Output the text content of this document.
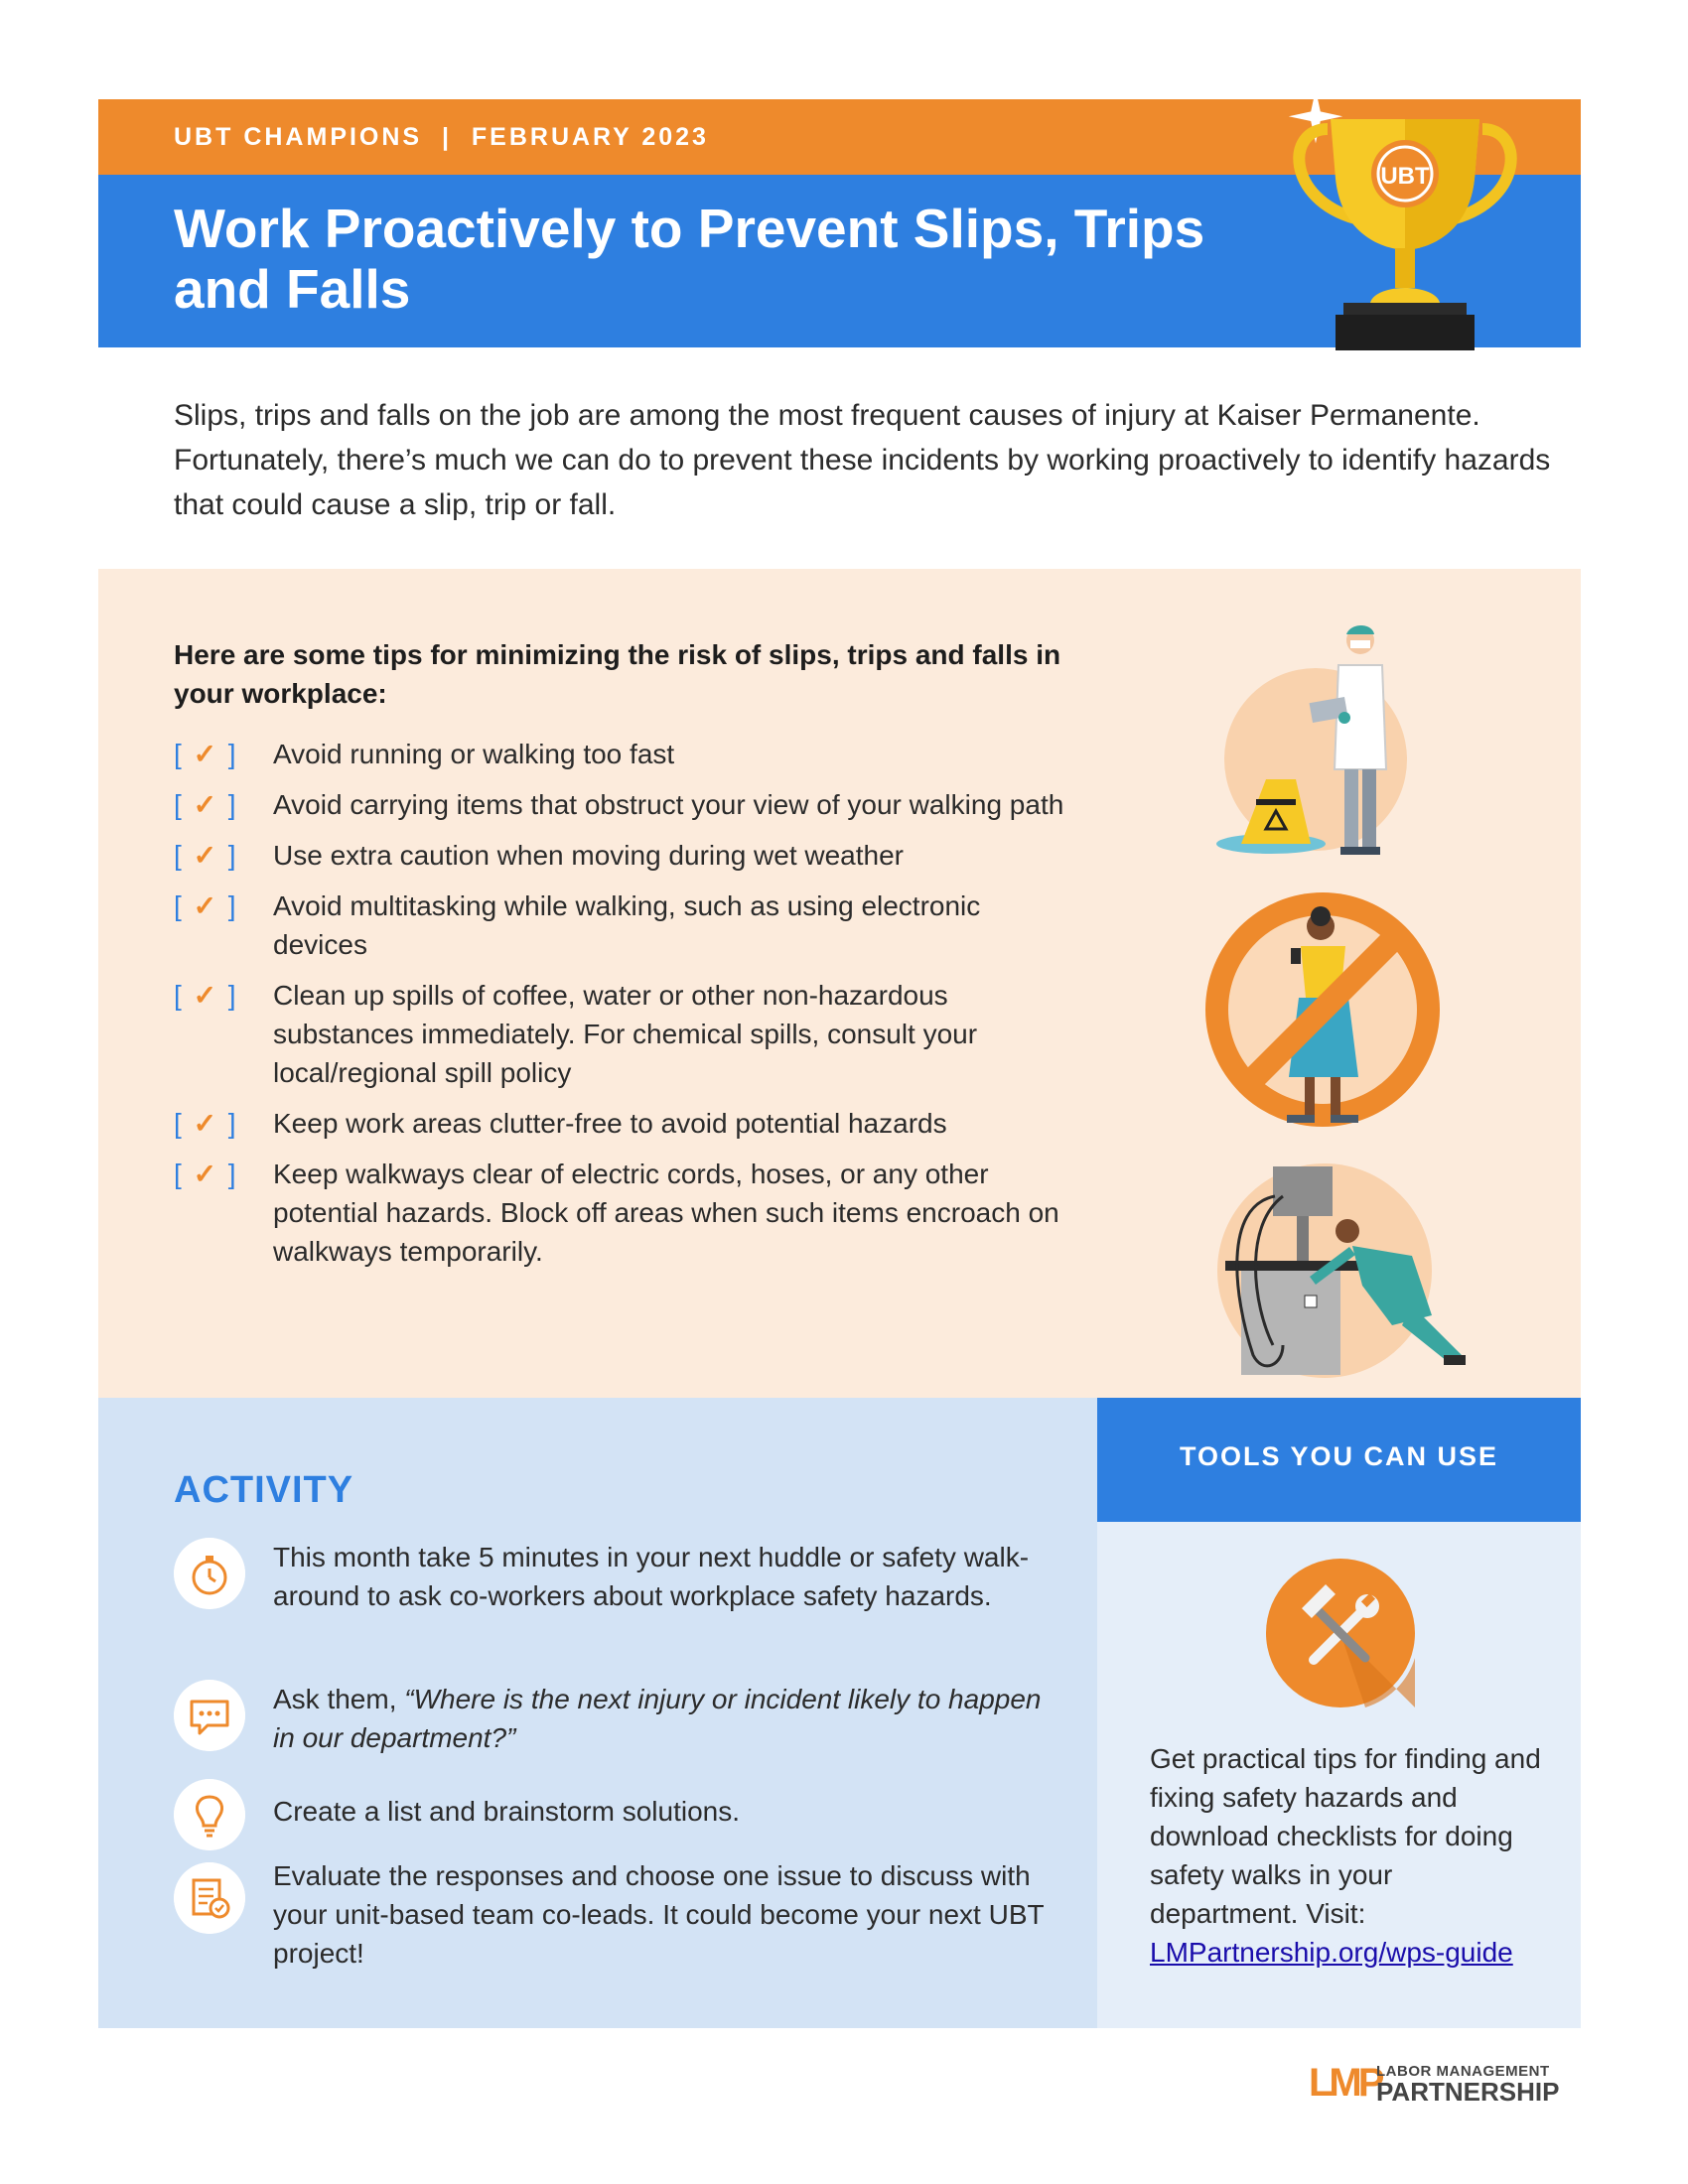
UBT CHAMPIONS  |  FEBRUARY 2023
Work Proactively to Prevent Slips, Trips and Falls
UBT
Slips, trips and falls on the job are among the most frequent causes of injury at Kaiser Permanente. Fortunately, there’s much we can do to prevent these incidents by working proactively to identify hazards that could cause a slip, trip or fall.
Here are some tips for minimizing the risk of slips, trips and falls in your workplace:
[ ✓ ] Avoid running or walking too fast
[ ✓ ] Avoid carrying items that obstruct your view of your walking path
[ ✓ ] Use extra caution when moving during wet weather
[ ✓ ] Avoid multitasking while walking, such as using electronic devices
[ ✓ ] Clean up spills of coffee, water or other non-hazardous substances immediately. For chemical spills, consult your local/regional spill policy
[ ✓ ] Keep work areas clutter-free to avoid potential hazards
[ ✓ ] Keep walkways clear of electric cords, hoses, or any other potential hazards. Block off areas when such items encroach on walkways temporarily.
ACTIVITY
This month take 5 minutes in your next huddle or safety walk-around to ask co-workers about workplace safety hazards.
Ask them, “Where is the next injury or incident likely to happen in our department?”
Create a list and brainstorm solutions.
Evaluate the responses and choose one issue to discuss with your unit-based team co-leads. It could become your next UBT project!
TOOLS YOU CAN USE
Get practical tips for finding and fixing safety hazards and download checklists for doing safety walks in your department. Visit:
LMPartnership.org/wps-guide
LMP
LABOR MANAGEMENT
PARTNERSHIP
